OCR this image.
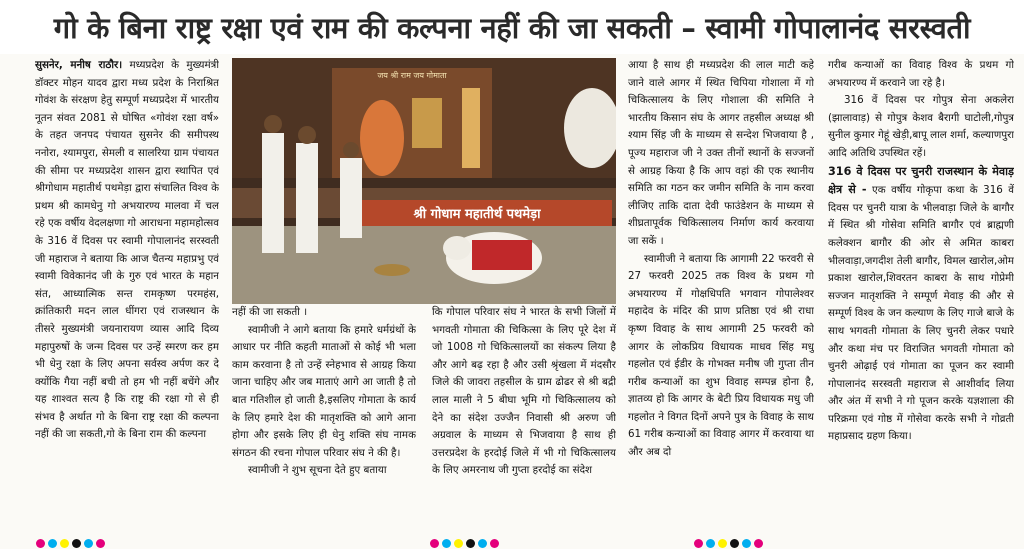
गो के बिना राष्ट्र रक्षा एवं राम की कल्पना नहीं की जा सकती – स्वामी गोपालानंद सरस्वती

सुसनेर, मनीष राठौर। मध्यप्रदेश के मुख्यमंत्री डॉक्टर मोहन यादव द्वारा मध्य प्रदेश के निराश्रित गोवंश के संरक्षण हेतु सम्पूर्ण मध्यप्रदेश में भारतीय नूतन संवत 2081 से घोषित «गोवंश रक्षा वर्ष» के तहत जनपद पंचायत सुसनेर की समीपस्थ ननोरा, श्यामपुरा, सेमली व सालरिया ग्राम पंचायत की सीमा पर मध्यप्रदेश शासन द्वारा स्थापित एवं श्रीगोधाम महातीर्थ पथमेड़ा द्वारा संचालित विश्व के प्रथम श्री कामधेनु गो अभयारण्य मालवा में चल रहे एक वर्षीय वेदलक्षणा गो आराधना महामहोत्सव के 316 वें दिवस पर स्वामी गोपालानंद सरस्वती जी महाराज ने बताया कि आज चैतन्य महाप्रभु एवं स्वामी विवेकानंद जी के गुरु एवं भारत के महान संत, आध्यात्मिक सन्त रामकृष्ण परमहंस, क्रांतिकारी मदन लाल धींगरा एवं राजस्थान के तीसरे मुख्यमंत्री जयनारायण व्यास आदि दिव्य महापुरुषों के जन्म दिवस पर उन्हें स्मरण कर हम भी धेनु रक्षा के लिए अपना सर्वस्व अर्पण कर दे क्योंकि गैया नहीं बची तो हम भी नहीं बचेंगे और यह शाश्वत सत्य है कि राष्ट्र की रक्षा गो से ही संभव है अर्थात गो के बिना राष्ट्र रक्षा की कल्पना नहीं की जा सकती,गो के बिना राम की कल्पना

जय श्री राम जय गोमाता
श्री गोधाम महातीर्थ पथमेड़ा

नहीं की जा सकती ।

स्वामीजी ने आगे बताया कि हमारे धर्मग्रंथों के आधार पर नीति कहती माताओं से कोई भी भला काम करवाना है तो उन्हें स्नेहभाव से आग्रह किया जाना चाहिए और जब माताएं आगे आ जाती है तो बात गतिशील हो जाती है,इसलिए गोमाता के कार्य के लिए हमारे देश की मातृशक्ति को आगे आना होगा और इसके लिए ही धेनु शक्ति संघ नामक संगठन की रचना गोपाल परिवार संघ ने की है।

स्वामीजी ने शुभ सूचना देते हुए बताया

कि गोपाल परिवार संघ ने भारत के सभी जिलों में भगवती गोमाता की चिकित्सा के लिए पूरे देश में जो 1008 गो चिकित्सालयों का संकल्प लिया है और आगे बढ़ रहा है और उसी श्रृंखला में मंदसौर जिले की जावरा तहसील के ग्राम ढोढर से श्री बद्री लाल माली ने 5 बीघा भूमि गो चिकित्सालय को देने का संदेश उज्जैन निवासी श्री अरुण जी अग्रवाल के माध्यम से भिजवाया है साथ ही उत्तरप्रदेश के हरदोई जिले में भी गो चिकित्सालय के लिए अमरनाथ जी गुप्ता हरदोई का संदेश

आया है साथ ही मध्यप्रदेश की लाल माटी कहे जाने वाले आगर में स्थित चिपिया गोशाला में गो चिकित्सालय के लिए गोशाला की समिति ने भारतीय किसान संघ के आगर तहसील अध्यक्ष श्री श्याम सिंह जी के माध्यम से सन्देश भिजवाया है , पूज्य महाराज जी ने उक्त तीनों स्थानों के सज्जनों से आग्रह किया है कि आप वहां की एक स्थानीय समिति का गठन कर जमीन समिति के नाम करवा लीजिए ताकि दाता देवी फाउंडेशन के माध्यम से शीघ्रतापूर्वक चिकित्सालय निर्माण कार्य करवाया जा सकें ।

स्वामीजी ने बताया कि आगामी 22 फरवरी से 27 फरवरी 2025 तक विश्व के प्रथम गो अभयारण्य में गोक्षधिपति भगवान गोपालेश्वर महादेव के मंदिर की प्राण प्रतिष्ठा एवं श्री राधा कृष्ण विवाह के साथ आगामी 25 फरवरी को आगर के लोकप्रिय विधायक माधव सिंह मधु गहलोत एवं ईडीर के गोभक्त मनीष जी गुप्ता तीन गरीब कन्याओं का शुभ विवाह सम्पन्न होना है, ज्ञातव्य हो कि आगर के बेटी प्रिय विधायक मधु जी गहलोत ने विगत दिनों अपने पुत्र के विवाह के साथ 61 गरीब कन्याओं का विवाह आगर में करवाया था और अब दो

गरीब कन्याओं का विवाह विश्व के प्रथम गो अभयारण्य में करवाने जा रहे है।

316 वें दिवस पर गोपुत्र सेना अकलेरा (झालावाड़) से गोपुत्र केशव बैरागी घाटोली,गोपुत्र सुनील कुमार गेहूं खेड़ी,बापू लाल शर्मा, कल्याणपुरा आदि अतिथि उपस्थित रहें।

316 वे दिवस पर चुनरी राजस्थान के मेवाड़ क्षेत्र से - एक वर्षीय गोकृपा कथा के 316 वें दिवस पर चुनरी यात्रा के भीलवाड़ा जिले के बागौर में स्थित श्री गोसेवा समिति बागौर एवं ब्राह्मणी कलेक्शन बागौर की ओर से अमित काबरा भीलवाड़ा,जगदीश तेली बागौर, विमल खारोल,ओम प्रकाश खारोल,शिवरतन काबरा के साथ गोप्रेमी सज्जन मातृशक्ति ने सम्पूर्ण मेवाड़ की और से सम्पूर्ण विश्व के जन कल्याण के लिए गाजे बाजे के साथ भगवती गोमाता के लिए चुनरी लेकर पधारे और कथा मंच पर विराजित भगवती गोमाता को चुनरी ओढ़ाई एवं गोमाता का पूजन कर स्वामी गोपालानंद सरस्वती महाराज से आशीर्वाद लिया और अंत में सभी ने गो पूजन करके यज्ञशाला की परिक्रमा एवं गोष्ठ में गोसेवा करके सभी ने गोव्रती महाप्रसाद ग्रहण किया।
